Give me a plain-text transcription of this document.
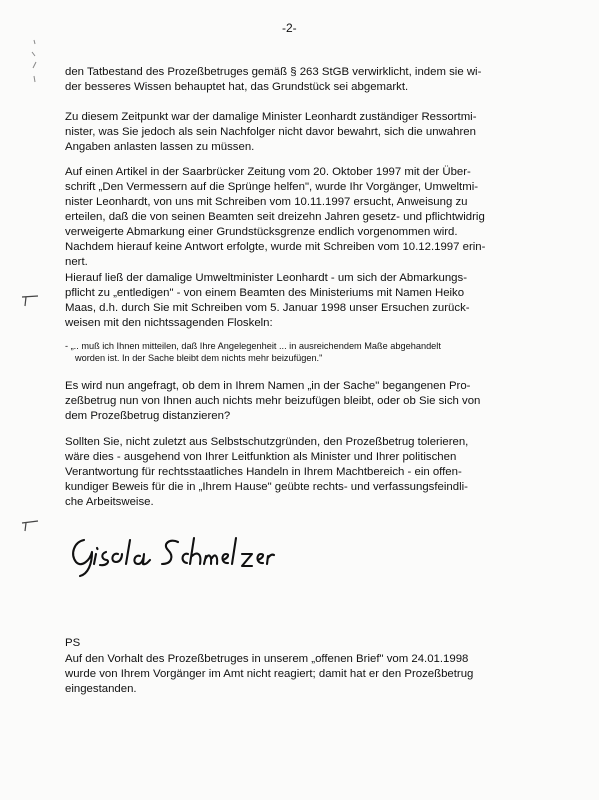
-2-

den Tatbestand des Prozeßbetruges gemäß § 263 StGB verwirklicht, indem sie wi-
der besseres Wissen behauptet hat, das Grundstück sei abgemarkt.

Zu diesem Zeitpunkt war der damalige Minister Leonhardt zuständiger Ressortmi-
nister, was Sie jedoch als sein Nachfolger nicht davor bewahrt, sich die unwahren
Angaben anlasten lassen zu müssen.

Auf einen Artikel in der Saarbrücker Zeitung vom 20. Oktober 1997 mit der Über-
schrift „Den Vermessern auf die Sprünge helfen", wurde Ihr Vorgänger, Umweltmi-
nister Leonhardt, von uns mit Schreiben vom 10.11.1997 ersucht, Anweisung zu
erteilen, daß die von seinen Beamten seit dreizehn Jahren gesetz- und pflichtwidrig
verweigerte Abmarkung einer Grundstücksgrenze endlich vorgenommen wird.
Nachdem hierauf keine Antwort erfolgte, wurde mit Schreiben vom 10.12.1997 erin-
nert.

Hierauf ließ der damalige Umweltminister Leonhardt - um sich der Abmarkungs-
pflicht zu „entledigen" - von einem Beamten des Ministeriums mit Namen Heiko
Maas, d.h. durch Sie mit Schreiben vom 5. Januar 1998 unser Ersuchen zurück-
weisen mit den nichtssagenden Floskeln:

- „.. muß ich Ihnen mitteilen, daß Ihre Angelegenheit ... in ausreichendem Maße abgehandelt
worden ist. In der Sache bleibt dem nichts mehr beizufügen."

Es wird nun angefragt, ob dem in Ihrem Namen „in der Sache" begangenen Pro-
zeßbetrug nun von Ihnen auch nichts mehr beizufügen bleibt, oder ob Sie sich von
dem Prozeßbetrug distanzieren?

Sollten Sie, nicht zuletzt aus Selbstschutzgründen, den Prozeßbetrug tolerieren,
wäre dies - ausgehend von Ihrer Leitfunktion als Minister und Ihrer politischen
Verantwortung für rechtsstaatliches Handeln in Ihrem Machtbereich - ein offen-
kundiger Beweis für die in „Ihrem Hause" geübte rechts- und verfassungsfeindli-
che Arbeitsweise.

PS

Auf den Vorhalt des Prozeßbetruges in unserem „offenen Brief" vom 24.01.1998
wurde von Ihrem Vorgänger im Amt nicht reagiert; damit hat er den Prozeßbetrug
eingestanden.
